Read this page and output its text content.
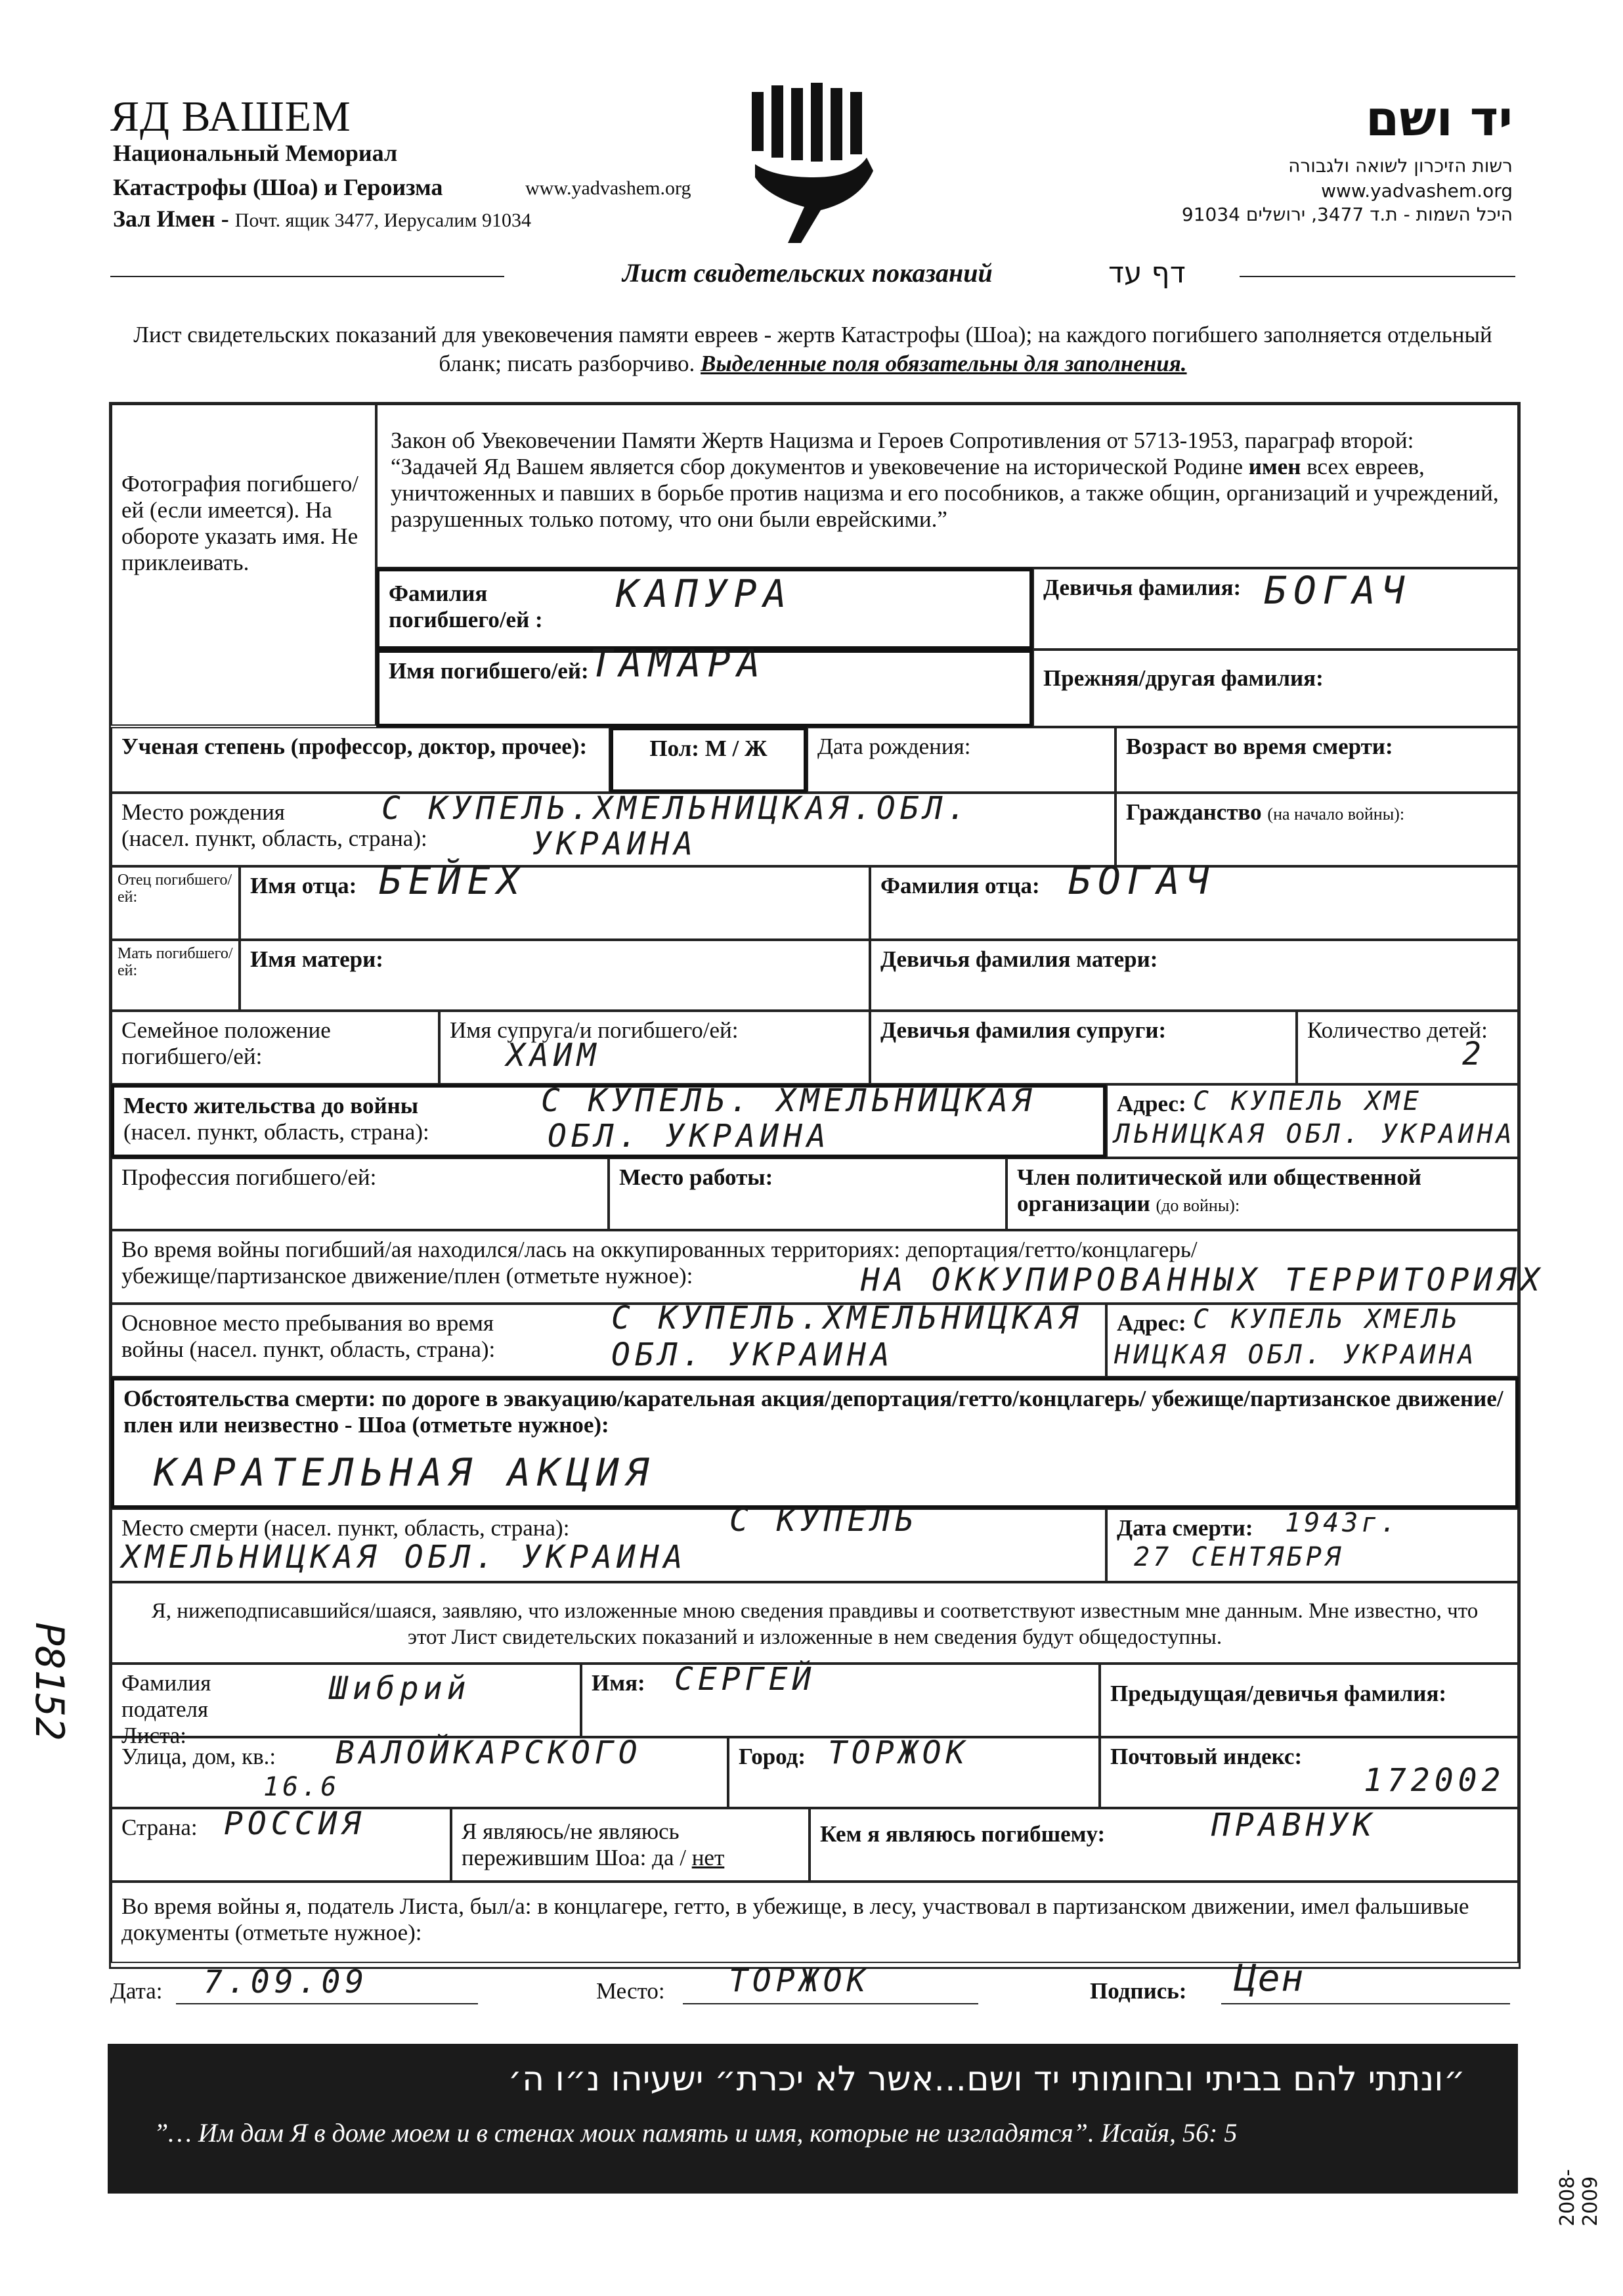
ЯД ВАШЕМ
Национальный Мемориал
Катастрофы (Шоа) и Героизма	www.yadvashem.org
Зал Имен - Почт. ящик 3477, Иерусалим 91034
יד ושם
רשות הזיכרון לשואה ולגבורה
www.yadvashem.org
היכל השמות - ת.ד 3477, ירושלים 91034
Лист свидетельских показаний	דף עד
Лист свидетельских показаний для увековечения памяти евреев - жертв Катастрофы (Шоа); на каждого погибшего заполняется отдельный бланк; писать разборчиво. Выделенные поля обязательны для заполнения.
Фотография погибшего/ей (если имеется). На обороте указать имя. Не приклеивать.
Закон об Увековечении Памяти Жертв Нацизма и Героев Сопротивления от 5713-1953, параграф второй: “Задачей Яд Вашем является сбор документов и увековечение на исторической Родине имен всех евреев, уничтоженных и павших в борьбе против нацизма и его пособников, а также общин, организаций и учреждений, разрушенных только потому, что они были еврейскими.”
Фамилия погибшего/ей :
КАПУРА	Девичья фамилия: БОГАЧ
Имя погибшего/ей: ТАМАРА	Прежняя/другая фамилия:
Ученая степень (профессор, доктор, прочее):	Пол: М / Ж	Дата рождения:	Возраст во время смерти:
Место рождения
(насел. пункт, область, страна):
С КУПЕЛЬ.ХМЕЛЬНИЦКАЯ.ОБЛ.
УКРАИНА
Гражданство (на начало войны):
Отец погибшего/ей:	Имя отца: БЕЙЕХ	Фамилия отца: БОГАЧ
Мать погибшего/ей:	Имя матери:	Девичья фамилия матери:
Семейное положение погибшего/ей:
Имя супруга/и погибшего/ей:
ХАИМ
Девичья фамилия супруги:	Количество детей:
2
Место жительства до войны
(насел. пункт, область, страна):
С КУПЕЛЬ. ХМЕЛЬНИЦКАЯ
ОБЛ. УКРАИНА
Адрес: С КУПЕЛЬ ХМЕ
ЛЬНИЦКАЯ ОБЛ. УКРАИНА
Профессия погибшего/ей:	Место работы:	Член политической или общественной организации (до войны):
Во время войны погибший/ая находился/лась на оккупированных территориях: депортация/гетто/концлагерь/
убежище/партизанское движение/плен (отметьте нужное):	НА ОККУПИРОВАННЫХ ТЕРРИТОРИЯХ
Основное место пребывания во время
войны (насел. пункт, область, страна):
С КУПЕЛЬ.ХМЕЛЬНИЦКАЯ
ОБЛ. УКРАИНА
Адрес: С КУПЕЛЬ ХМЕЛЬ
НИЦКАЯ ОБЛ. УКРАИНА
Обстоятельства смерти: по дороге в эвакуацию/карательная акция/депортация/гетто/концлагерь/ убежище/партизанское движение/плен или неизвестно - Шоа (отметьте нужное):
КАРАТЕЛЬНАЯ АКЦИЯ
Место смерти (насел. пункт, область, страна):	С КУПЕЛЬ
ХМЕЛЬНИЦКАЯ ОБЛ. УКРАИНА
Дата смерти: 1943г.
27 СЕНТЯБРЯ
Я, нижеподписавшийся/шаяся, заявляю, что изложенные мною сведения правдивы и соответствуют известным мне данным. Мне известно, что этот Лист свидетельских показаний и изложенные в нем сведения будут общедоступны.
Фамилия подателя Листа:
Шибрий	Имя: СЕРГЕЙ	Предыдущая/девичья фамилия:
Улица, дом, кв.: ВАЛОЙКАРСКОГО
16.6
Город: ТОРЖОК	Почтовый индекс:
172002
Страна: РОССИЯ	Я являюсь/не являюсь пережившим Шоа: да / нет
Кем я являюсь погибшему:	ПРАВНУК
Во время войны я, податель Листа, был/а: в концлагере, гетто, в убежище, в лесу, участвовал в партизанском движении, имел фальшивые документы (отметьте нужное):
Дата: 7.09.09	Место: ТОРЖОК	Подпись: Цен
״ונתתי להם בביתי ובחומותי יד ושם...אשר לא יכרת״ ישעיהו נ״ו ה׳
”… Им дам Я в доме моем и в стенах моих память и имя, которые не изгладятся”. Исайя, 56: 5
P8152
2008-2009
